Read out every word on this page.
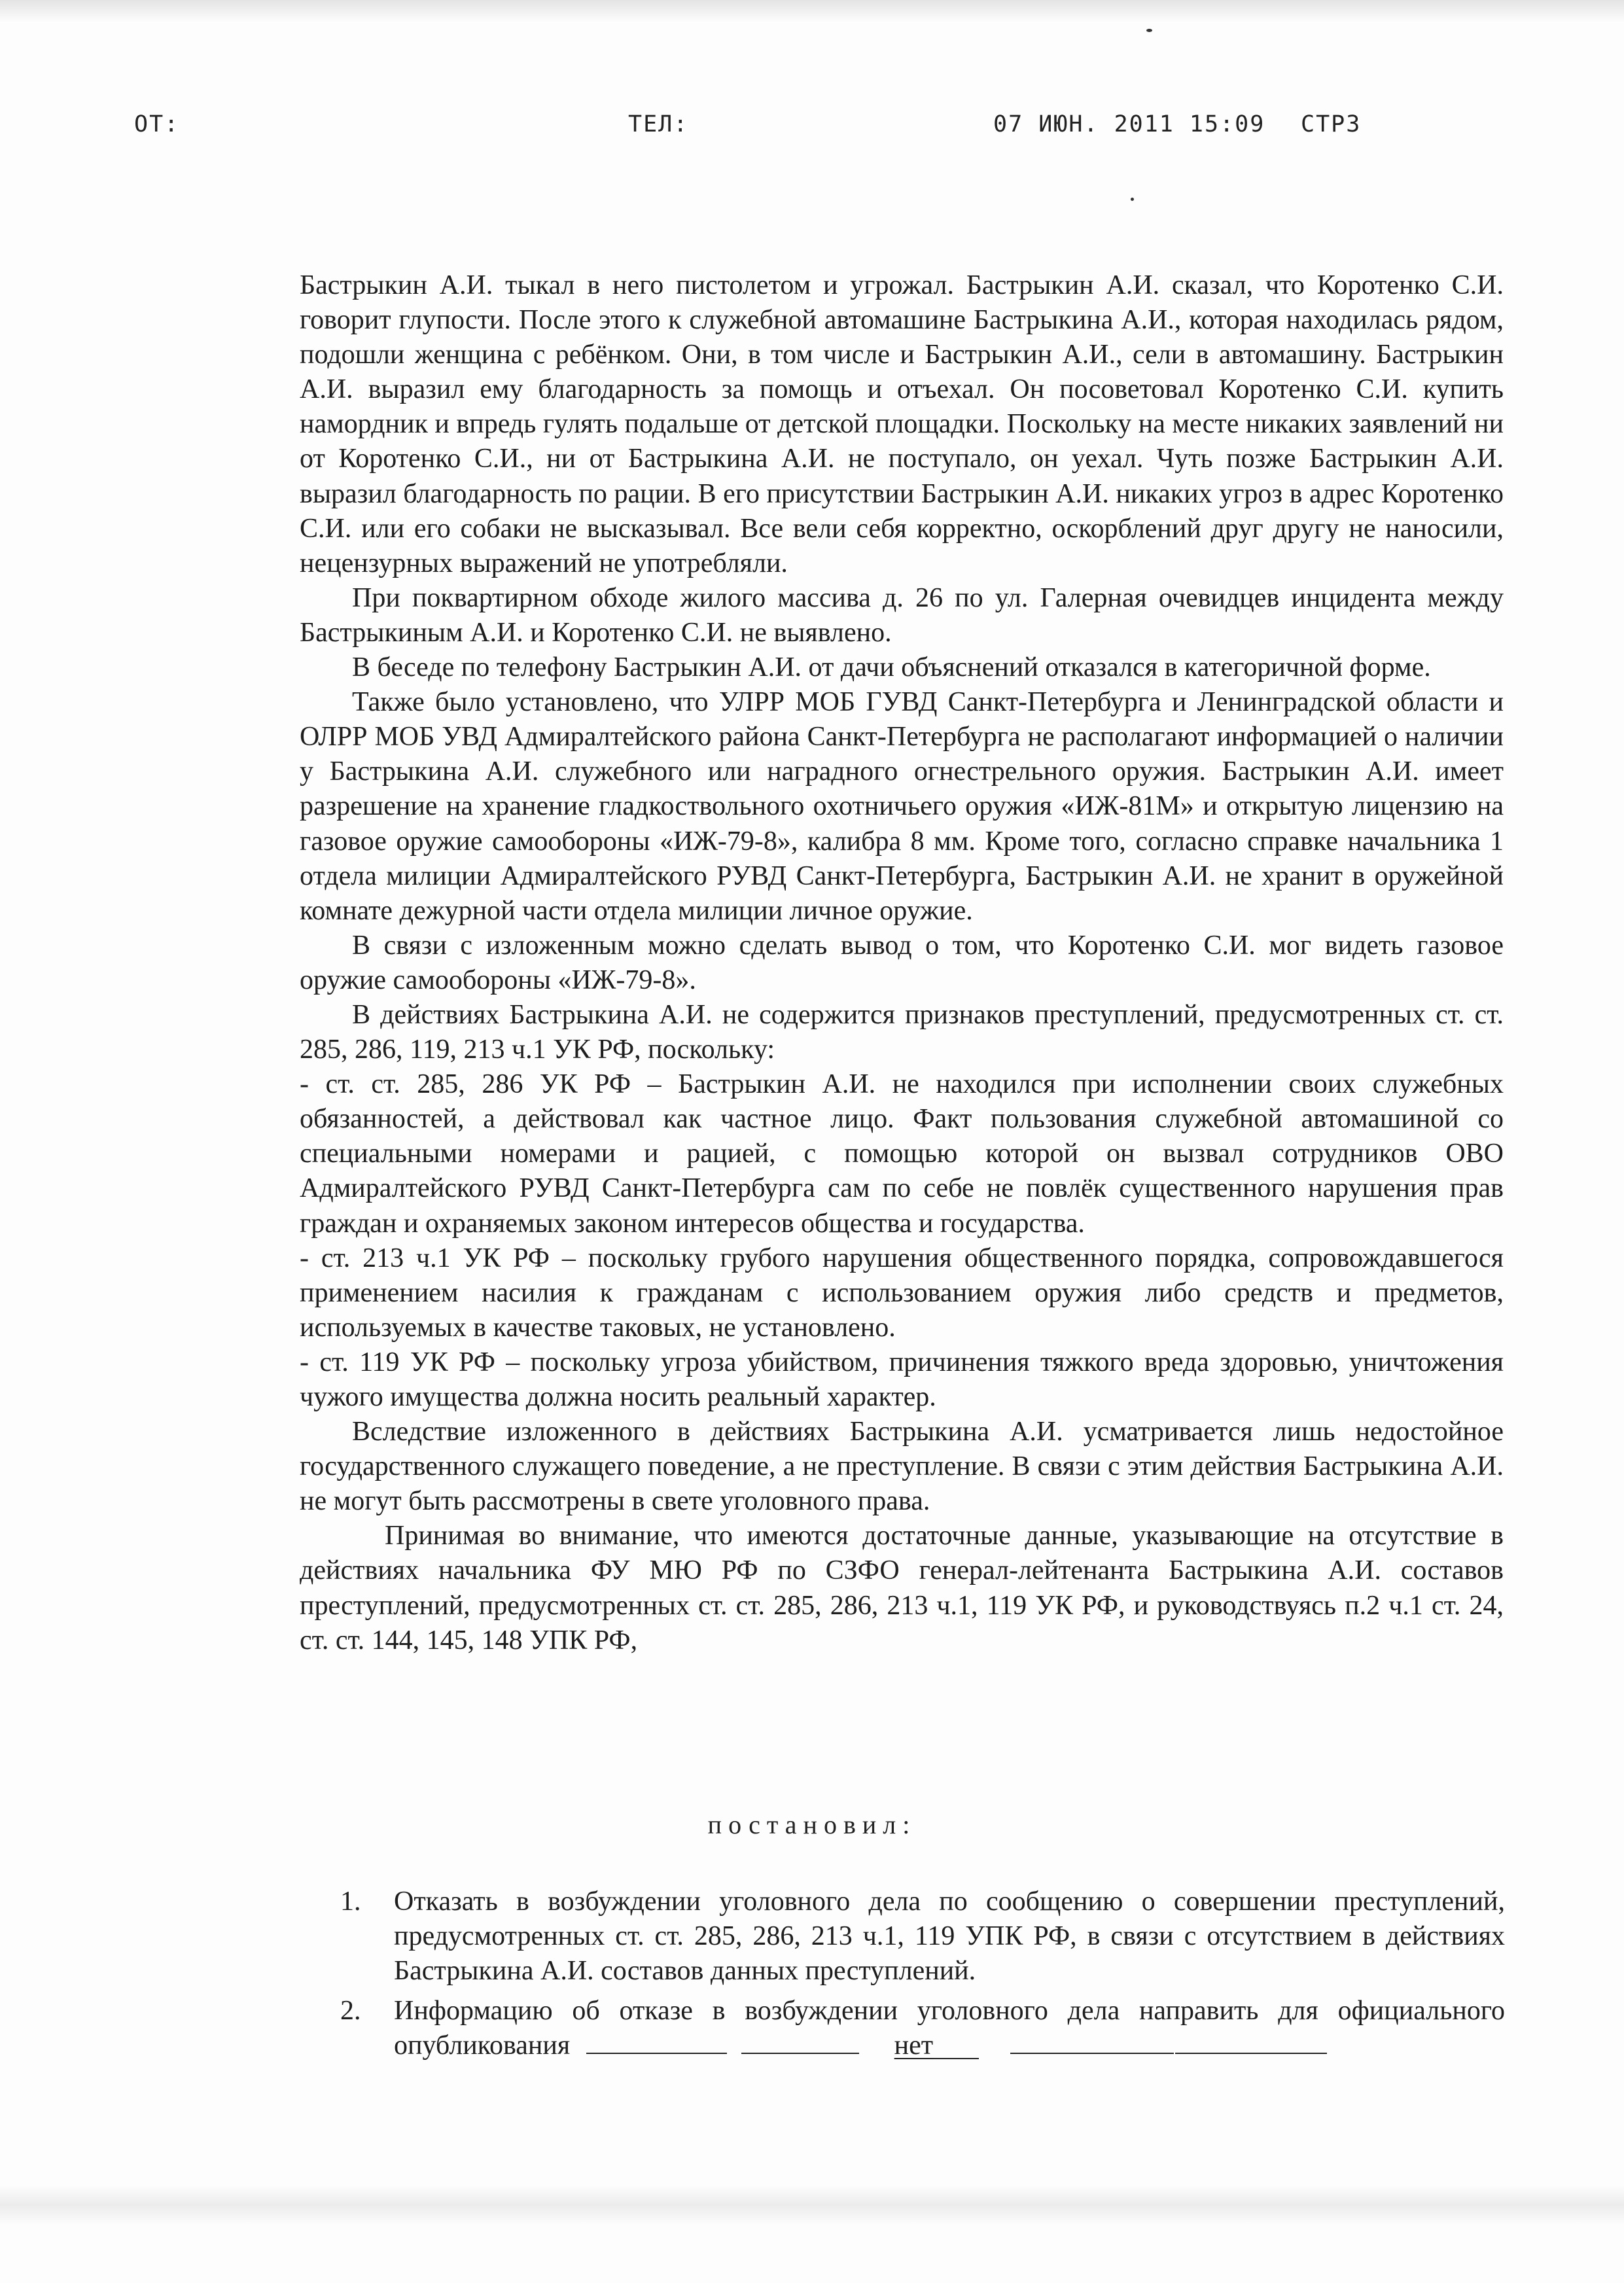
ОТ:	ТЕЛ:	07 ИЮН. 2011 15:09 СТР3

Бастрыкин А.И. тыкал в него пистолетом и угрожал. Бастрыкин А.И. сказал, что Коротенко С.И. говорит глупости. После этого к служебной автомашине Бастрыкина А.И., которая находилась рядом, подошли женщина с ребёнком. Они, в том числе и Бастрыкин А.И., сели в автомашину. Бастрыкин А.И. выразил ему благодарность за помощь и отъехал. Он посоветовал Коротенко С.И. купить намордник и впредь гулять подальше от детской площадки. Поскольку на месте никаких заявлений ни от Коротенко С.И., ни от Бастрыкина А.И. не поступало, он уехал. Чуть позже Бастрыкин А.И. выразил благодарность по рации. В его присутствии Бастрыкин А.И. никаких угроз в адрес Коротенко С.И. или его собаки не высказывал. Все вели себя корректно, оскорблений друг другу не наносили, нецензурных выражений не употребляли.

При поквартирном обходе жилого массива д. 26 по ул. Галерная очевидцев инцидента между Бастрыкиным А.И. и Коротенко С.И. не выявлено.

В беседе по телефону Бастрыкин А.И. от дачи объяснений отказался в категоричной форме.

Также было установлено, что УЛРР МОБ ГУВД Санкт-Петербурга и Ленинградской области и ОЛРР МОБ УВД Адмиралтейского района Санкт-Петербурга не располагают информацией о наличии у Бастрыкина А.И. служебного или наградного огнестрельного оружия. Бастрыкин А.И. имеет разрешение на хранение гладкоствольного охотничьего оружия «ИЖ-81М» и открытую лицензию на газовое оружие самообороны «ИЖ-79-8», калибра 8 мм. Кроме того, согласно справке начальника 1 отдела милиции Адмиралтейского РУВД Санкт-Петербурга, Бастрыкин А.И. не хранит в оружейной комнате дежурной части отдела милиции личное оружие.

В связи с изложенным можно сделать вывод о том, что Коротенко С.И. мог видеть газовое оружие самообороны «ИЖ-79-8».

В действиях Бастрыкина А.И. не содержится признаков преступлений, предусмотренных ст. ст. 285, 286, 119, 213 ч.1 УК РФ, поскольку:

- ст. ст. 285, 286 УК РФ – Бастрыкин А.И. не находился при исполнении своих служебных обязанностей, а действовал как частное лицо. Факт пользования служебной автомашиной со специальными номерами и рацией, с помощью которой он вызвал сотрудников ОВО Адмиралтейского РУВД Санкт-Петербурга сам по себе не повлёк существенного нарушения прав граждан и охраняемых законом интересов общества и государства.

- ст. 213 ч.1 УК РФ – поскольку грубого нарушения общественного порядка, сопровождавшегося применением насилия к гражданам с использованием оружия либо средств и предметов, используемых в качестве таковых, не установлено.

- ст. 119 УК РФ – поскольку угроза убийством, причинения тяжкого вреда здоровью, уничтожения чужого имущества должна носить реальный характер.

Вследствие изложенного в действиях Бастрыкина А.И. усматривается лишь недостойное государственного служащего поведение, а не преступление. В связи с этим действия Бастрыкина А.И. не могут быть рассмотрены в свете уголовного права.

Принимая во внимание, что имеются достаточные данные, указывающие на отсутствие в действиях начальника ФУ МЮ РФ по СЗФО генерал-лейтенанта Бастрыкина А.И. составов преступлений, предусмотренных ст. ст. 285, 286, 213 ч.1, 119 УК РФ, и руководствуясь п.2 ч.1 ст. 24, ст. ст. 144, 145, 148 УПК РФ,

постановил:
1. Отказать в возбуждении уголовного дела по сообщению о совершении преступлений, предусмотренных ст. ст. 285, 286, 213 ч.1, 119 УПК РФ, в связи с отсутствием в действиях Бастрыкина А.И. составов данных преступлений.
2. Информацию об отказе в возбуждении уголовного дела направить для официального опубликования	нет
